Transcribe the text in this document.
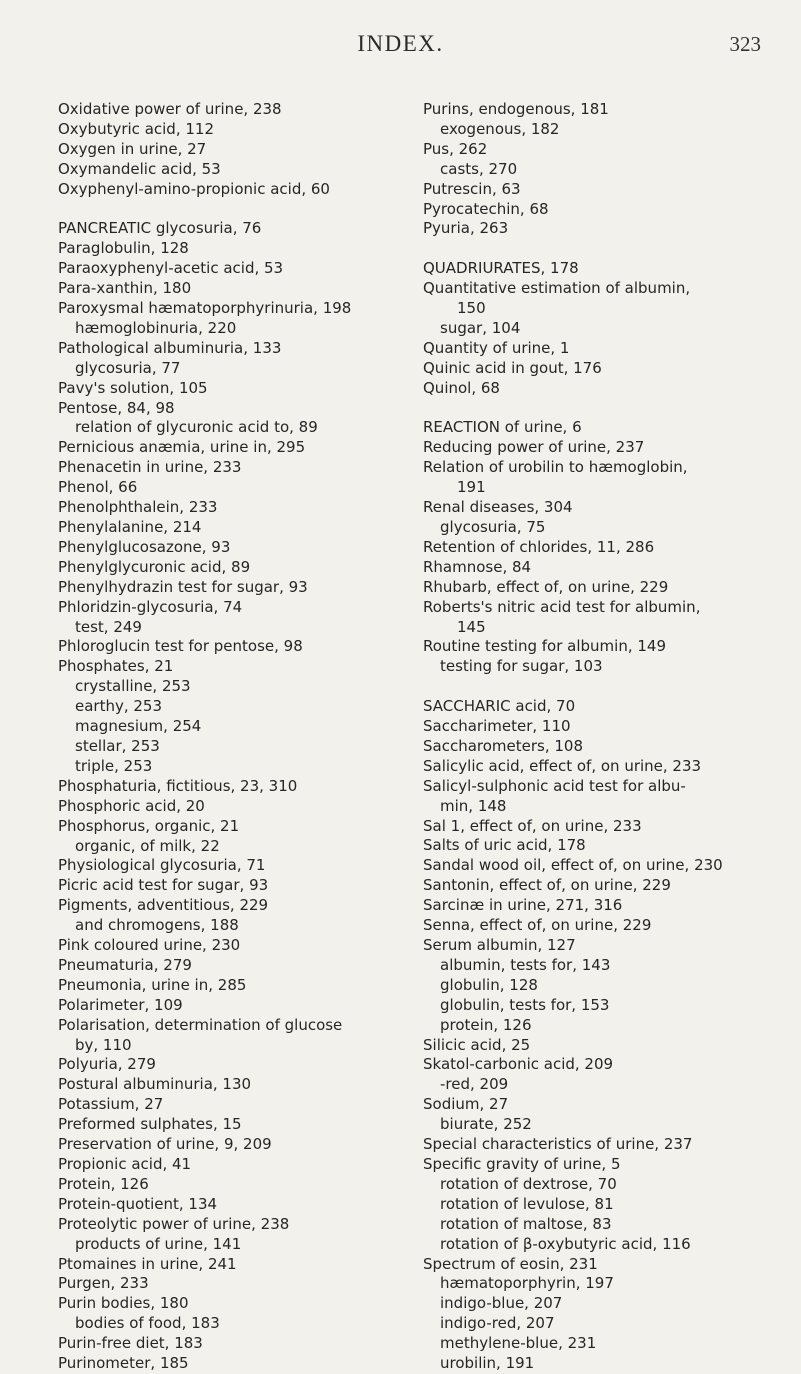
INDEX.	323
Oxidative power of urine, 238
Oxybutyric acid, 112
Oxygen in urine, 27
Oxymandelic acid, 53
Oxyphenyl-amino-propionic acid, 60
PANCREATIC glycosuria, 76
Paraglobulin, 128
Paraoxyphenyl-acetic acid, 53
Para-xanthin, 180
Paroxysmal hæmatoporphyrinuria, 198
hæmoglobinuria, 220
Pathological albuminuria, 133
glycosuria, 77
Pavy's solution, 105
Pentose, 84, 98
relation of glycuronic acid to, 89
Pernicious anæmia, urine in, 295
Phenacetin in urine, 233
Phenol, 66
Phenolphthalein, 233
Phenylalanine, 214
Phenylglucosazone, 93
Phenylglycuronic acid, 89
Phenylhydrazin test for sugar, 93
Phloridzin-glycosuria, 74
test, 249
Phloroglucin test for pentose, 98
Phosphates, 21
crystalline, 253
earthy, 253
magnesium, 254
stellar, 253
triple, 253
Phosphaturia, fictitious, 23, 310
Phosphoric acid, 20
Phosphorus, organic, 21
organic, of milk, 22
Physiological glycosuria, 71
Picric acid test for sugar, 93
Pigments, adventitious, 229
and chromogens, 188
Pink coloured urine, 230
Pneumaturia, 279
Pneumonia, urine in, 285
Polarimeter, 109
Polarisation, determination of glucose
by, 110
Polyuria, 279
Postural albuminuria, 130
Potassium, 27
Preformed sulphates, 15
Preservation of urine, 9, 209
Propionic acid, 41
Protein, 126
Protein-quotient, 134
Proteolytic power of urine, 238
products of urine, 141
Ptomaines in urine, 241
Purgen, 233
Purin bodies, 180
bodies of food, 183
Purin-free diet, 183
Purinometer, 185
Purins, endogenous, 181
exogenous, 182
Pus, 262
casts, 270
Putrescin, 63
Pyrocatechin, 68
Pyuria, 263
QUADRIURATES, 178
Quantitative estimation of albumin,
150
sugar, 104
Quantity of urine, 1
Quinic acid in gout, 176
Quinol, 68
REACTION of urine, 6
Reducing power of urine, 237
Relation of urobilin to hæmoglobin,
191
Renal diseases, 304
glycosuria, 75
Retention of chlorides, 11, 286
Rhamnose, 84
Rhubarb, effect of, on urine, 229
Roberts's nitric acid test for albumin,
145
Routine testing for albumin, 149
testing for sugar, 103
SACCHARIC acid, 70
Saccharimeter, 110
Saccharometers, 108
Salicylic acid, effect of, on urine, 233
Salicyl-sulphonic acid test for albu-
min, 148
Sal 1, effect of, on urine, 233
Salts of uric acid, 178
Sandal wood oil, effect of, on urine, 230
Santonin, effect of, on urine, 229
Sarcinæ in urine, 271, 316
Senna, effect of, on urine, 229
Serum albumin, 127
albumin, tests for, 143
globulin, 128
globulin, tests for, 153
protein, 126
Silicic acid, 25
Skatol-carbonic acid, 209
-red, 209
Sodium, 27
biurate, 252
Special characteristics of urine, 237
Specific gravity of urine, 5
rotation of dextrose, 70
rotation of levulose, 81
rotation of maltose, 83
rotation of β-oxybutyric acid, 116
Spectrum of eosin, 231
hæmatoporphyrin, 197
indigo-blue, 207
indigo-red, 207
methylene-blue, 231
urobilin, 191
